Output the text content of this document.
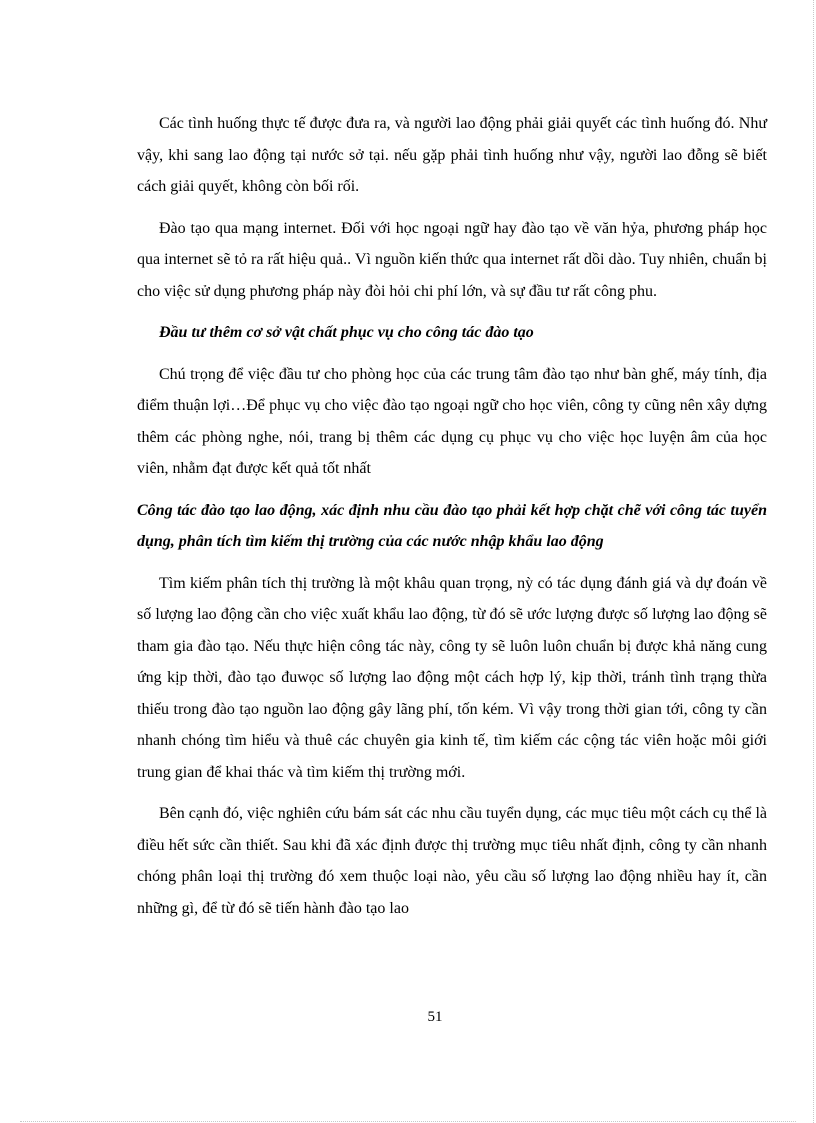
Các tình huống thực tế được đưa ra, và người lao động phải giải quyết các tình huống đó. Như vậy, khi sang lao động tại nước sở tại. nếu gặp phải tình huống như vậy, người lao đỗng sẽ biết cách giải quyết, không còn bối rối.

Đào tạo qua mạng internet. Đối với học ngoại ngữ hay đào tạo về văn hỷa, phương pháp học qua internet sẽ tỏ ra rất hiệu quả.. Vì nguồn kiến thức qua internet rất dồi dào. Tuy nhiên, chuẩn bị cho việc sử dụng phương pháp này đòi hỏi chi phí lớn, và sự đầu tư rất công phu.

Đầu tư thêm cơ sở vật chất phục vụ cho công tác đào tạo

Chú trọng để việc đầu tư cho phòng học của các trung tâm đào tạo như bàn ghế, máy tính, địa điểm thuận lợi…Để phục vụ cho việc đào tạo ngoại ngữ cho học viên, công ty cũng nên xây dựng thêm các phòng nghe, nói, trang bị thêm các dụng cụ phục vụ cho việc học luyện âm của học viên, nhằm đạt được kết quả tốt nhất

Công tác đào tạo lao động, xác định nhu cầu đào tạo phải kết hợp chặt chẽ với công tác tuyển dụng, phân tích tìm kiếm thị trường của các nước nhập khẩu lao động

Tìm kiếm phân tích thị trường là một khâu quan trọng, nỳ có tác dụng đánh giá và dự đoán về số lượng lao động cần cho việc xuất khẩu lao động, từ đó sẽ ước lượng được số lượng lao động sẽ tham gia đào tạo. Nếu thực hiện công tác này, công ty sẽ luôn luôn chuẩn bị được khả năng cung ứng kịp thời, đào tạo đuwọc số lượng lao động một cách hợp lý, kịp thời, tránh tình trạng thừa thiếu trong đào tạo nguồn lao động gây lãng phí, tốn kém. Vì vậy trong thời gian tới, công ty cần nhanh chóng tìm hiểu và thuê các chuyên gia kinh tế, tìm kiếm các cộng tác viên hoặc môi giới trung gian để khai thác và tìm kiếm thị trường mới.

Bên cạnh đó, việc nghiên cứu bám sát các nhu cầu tuyển dụng, các mục tiêu một cách cụ thể là điều hết sức cần thiết. Sau khi đã xác định được thị trường mục tiêu nhất định, công ty cần nhanh chóng phân loại thị trường đó xem thuộc loại nào, yêu cầu số lượng lao động nhiều hay ít, cần những gì, để từ đó sẽ tiến hành đào tạo lao

51
